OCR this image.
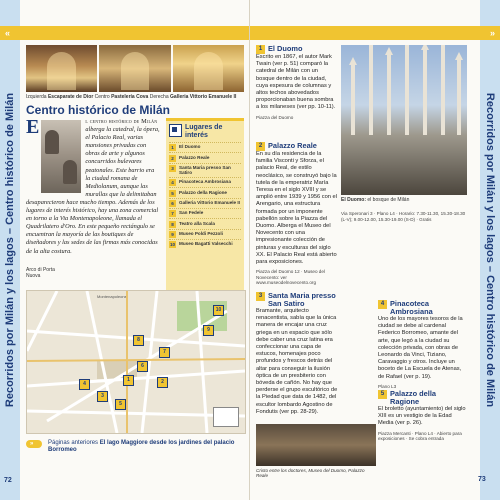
«
Recorridos por Milán y los lagos – Centro histórico de Milán Izquierda Escaparate de Dior Centro Pastelería Cova Derecha Galleria Vittorio Emanuele II
Centro histórico de Milán
E	l centro histórico de Milán
alberga la catedral, la ópera, el Palacio Real, varias mansiones privadas con obras de arte y algunos concurridos bulevares peatonales. Este barrio era la ciudad romana de Mediolanum, aunque las murallas que la delimitaban desaparecieron hace mucho tiempo. Además de los lugares de interés histórico, hay una zona comercial en torno a la Via Montenapoleone, llamada el Quadrilatero d'Oro. En este pequeño rectángulo se encuentran la mayoría de las boutiques de diseñadores y las sedes de las firmas más conocidas de la alta costura.
Arco di Porta Nuova
Lugares de interés
1	El Duomo
2	Palazzo Reale
3	Santa Maria presso San Satiro
4	Pinacoteca Ambrosiana
5	Palazzo della Ragione
6	Galleria Vittorio Emanuele II
7	San Fedele
8	Teatro alla Scala
9	Museo Poldi Pezzoli
10 Museo Bagatti Valsecchi
Montenapoleone
10
9
8
7
6
1	2
3
4
5
» Páginas anteriores El lago Maggiore desde los jardines del palacio Borromeo
72
»
Recorridos por Milán y los lagos – Centro histórico de Milán
1 El Duomo

Escrito en 1867, el autor Mark Twain (ver p. 51) comparó la catedral de Milán con un bosque dentro de la ciudad, cuya espesura de columnas y altos techos abovedados proporcionaban buena sombra a los milaneses (ver pp. 10-11).

Piazza del Duomo
2 Palazzo Reale

En su día residencia de la familia Visconti y Sforza, el palacio Real, de estilo neoclásico, se construyó bajo la tutela de la emperatriz María Teresa en el siglo XVIII y se amplió entre 1939 y 1956 con el Arengario, una estructura formada por un imponente pabellón sobre la Piazza del Duomo. Alberga el Museo del Novecento con una impresionante colección de pinturas y esculturas del siglo XX. El Palacio Real está abierto para exposiciones.

Piazza del Duomo 12 · Museo del Novecento: ver www.museodelnovecento.org
El Duomo: el bosque de Milán
3 Santa Maria presso San Satiro

Bramante, arquitecto renacentista, sabía que la única manera de encajar una cruz griega en un espacio que sólo debe caber una cruz latina era confeccionar una capa de estucos, homenajes poco profundos y frescos detrás del altar para conseguir la ilusión óptica de un presbiterio con bóveda de cañón. No hay que perderse el grupo escultórico de la Piedad que data de 1482, del escultor lombardo Agostino de Fondutis (ver pp. 28-29).

Via Speronari 3 · Plano L4 · Horario: 7.30-11.30, 15.30-18.30 (L-V); 9.00-12.00, 15.30-19.00 (S-D) · Gratis
4 Pinacoteca Ambrosiana

Uno de los mayores tesoros de la ciudad se debe al cardenal Federico Borromeo, amante del arte, que legó a la ciudad su colección privada, con obras de Leonardo da Vinci, Tiziano, Caravaggio y otros. Incluye un boceto de La Escuela de Atenas, de Rafael (ver p. 19).

Plano L3
5 Palazzo della Ragione

El broletto (ayuntamiento) del siglo XIII es un vestigio de la Edad Media (ver p. 26).

Piazza Mercanti · Plano L4 · Abierto para exposiciones · Se cobra entrada
Cristo entre los doctores, Museo del Duomo, Palazzo Reale
73
